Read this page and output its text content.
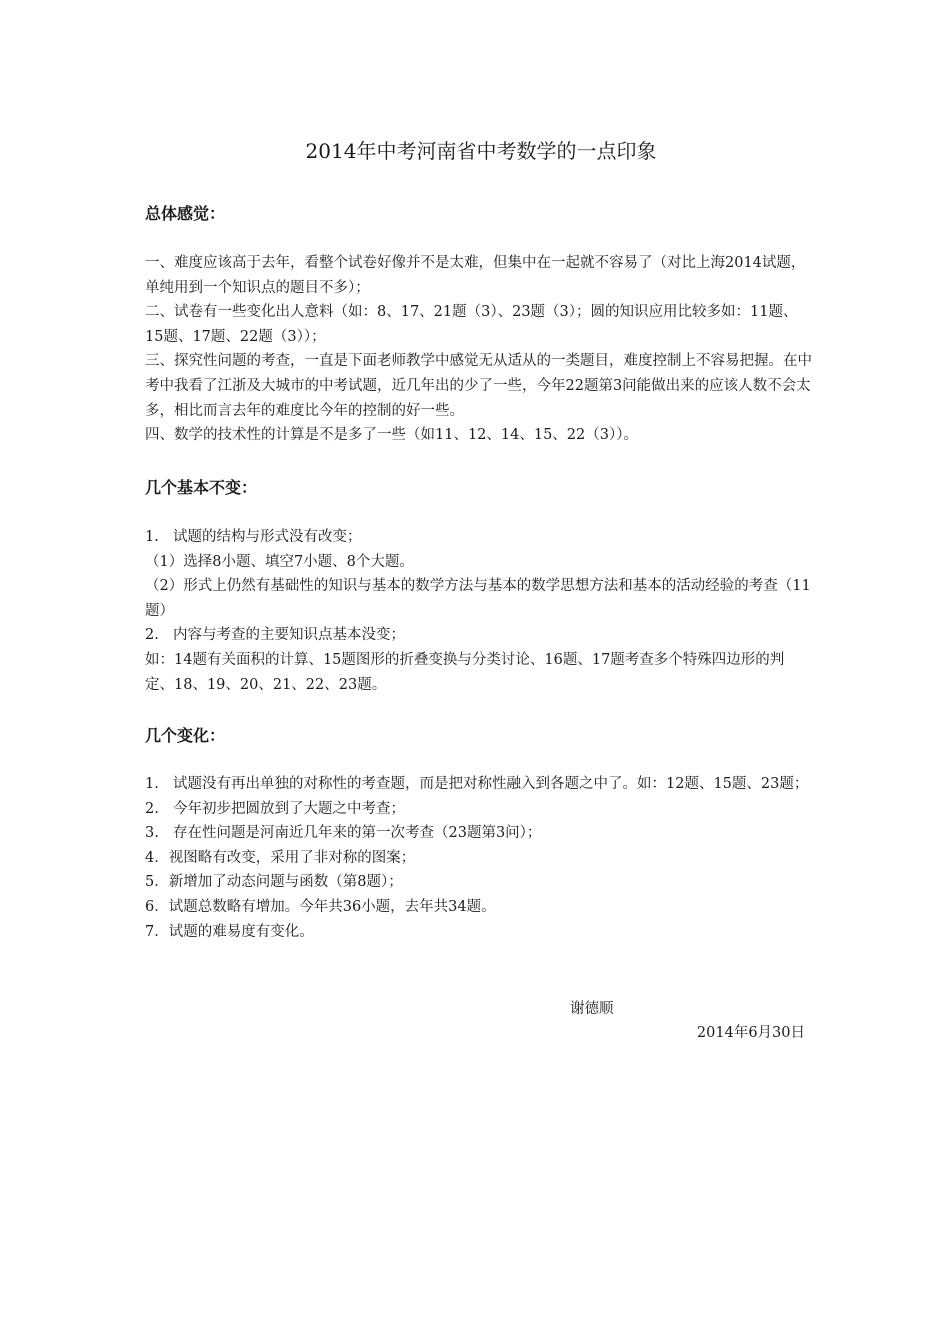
2014年中考河南省中考数学的一点印象
总体感觉：

一、难度应该高于去年，看整个试卷好像并不是太难，但集中在一起就不容易了（对比上海2014试题，单纯用到一个知识点的题目不多）；

二、试卷有一些变化出人意料（如：8、17、21题（3）、23题（3）；圆的知识应用比较多如：11题、15题、17题、22题（3））；

三、探究性问题的考查，一直是下面老师教学中感觉无从适从的一类题目，难度控制上不容易把握。在中考中我看了江浙及大城市的中考试题，近几年出的少了一些，今年22题第3问能做出来的应该人数不会太多，相比而言去年的难度比今年的控制的好一些。

四、数学的技术性的计算是不是多了一些（如11、12、14、15、22（3））。

几个基本不变：
1. 试题的结构与形式没有改变；

（1）选择8小题、填空7小题、8个大题。

（2）形式上仍然有基础性的知识与基本的数学方法与基本的数学思想方法和基本的活动经验的考查（11题）

2. 内容与考查的主要知识点基本没变；

如：14题有关面积的计算、15题图形的折叠变换与分类讨论、16题、17题考查多个特殊四边形的判定、18、19、20、21、22、23题。

几个变化：
1. 试题没有再出单独的对称性的考查题，而是把对称性融入到各题之中了。如：12题、15题、23题；
2. 今年初步把圆放到了大题之中考查；
3. 存在性问题是河南近几年来的第一次考查（23题第3问）；
4． 视图略有改变，采用了非对称的图案；
5． 新增加了动态问题与函数（第8题）；
6． 试题总数略有增加。今年共36小题，去年共34题。
7． 试题的难易度有变化。
谢德顺
2014年6月30日
